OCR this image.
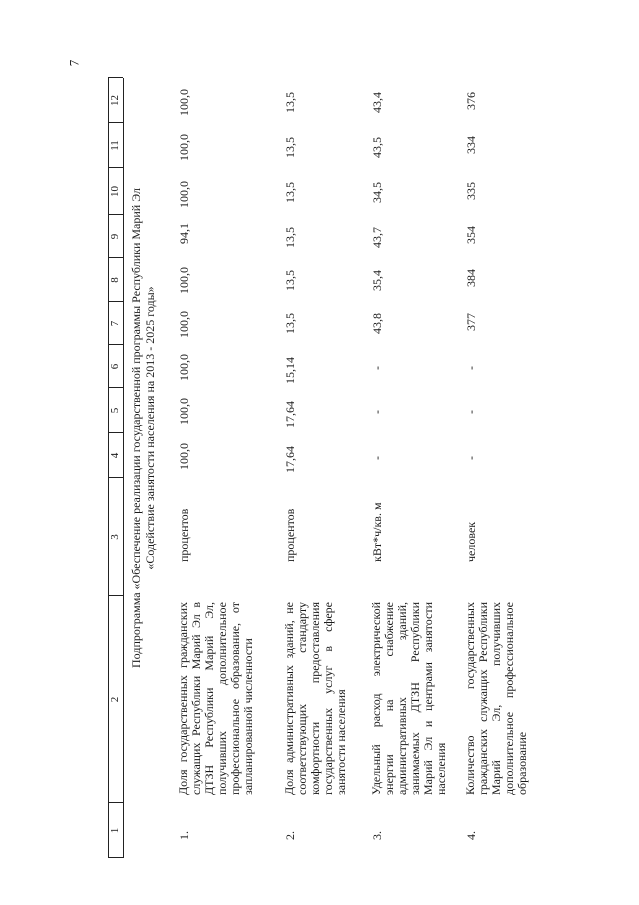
7
1
2
3
4
5
6
7
8
9
10
11
12
Подпрограмма «Обеспечение реализации государственной программы Республики Марий Эл «Содействие занятости населения на 2013 - 2025 годы»
1.
Доля государственных гражданских служащих Республики Марий Эл в ДТЗН Республики Марий Эл, получивших дополнительное профессиональное образование, от запланированной численности
процентов
100,0
100,0
100,0
100,0
100,0
94,1
100,0
100,0
100,0
2.
Доля административных зданий, не соответствующих стандарту комфортности предоставления государственных услуг в сфере занятости населения
процентов
17,64
17,64
15,14
13,5
13,5
13,5
13,5
13,5
13,5
3.
Удельный расход электрической энергии на снабжение административных зданий, занимаемых ДТЗН Республики Марий Эл и центрами занятости населения
кВт*ч/кв. м
-
-
-
43,8
35,4
43,7
34,5
43,5
43,4
4.
Количество государственных гражданских служащих Республики Марий Эл, получивших дополнительное профессиональное образование
человек
-
-
-
377
384
354
335
334
376
